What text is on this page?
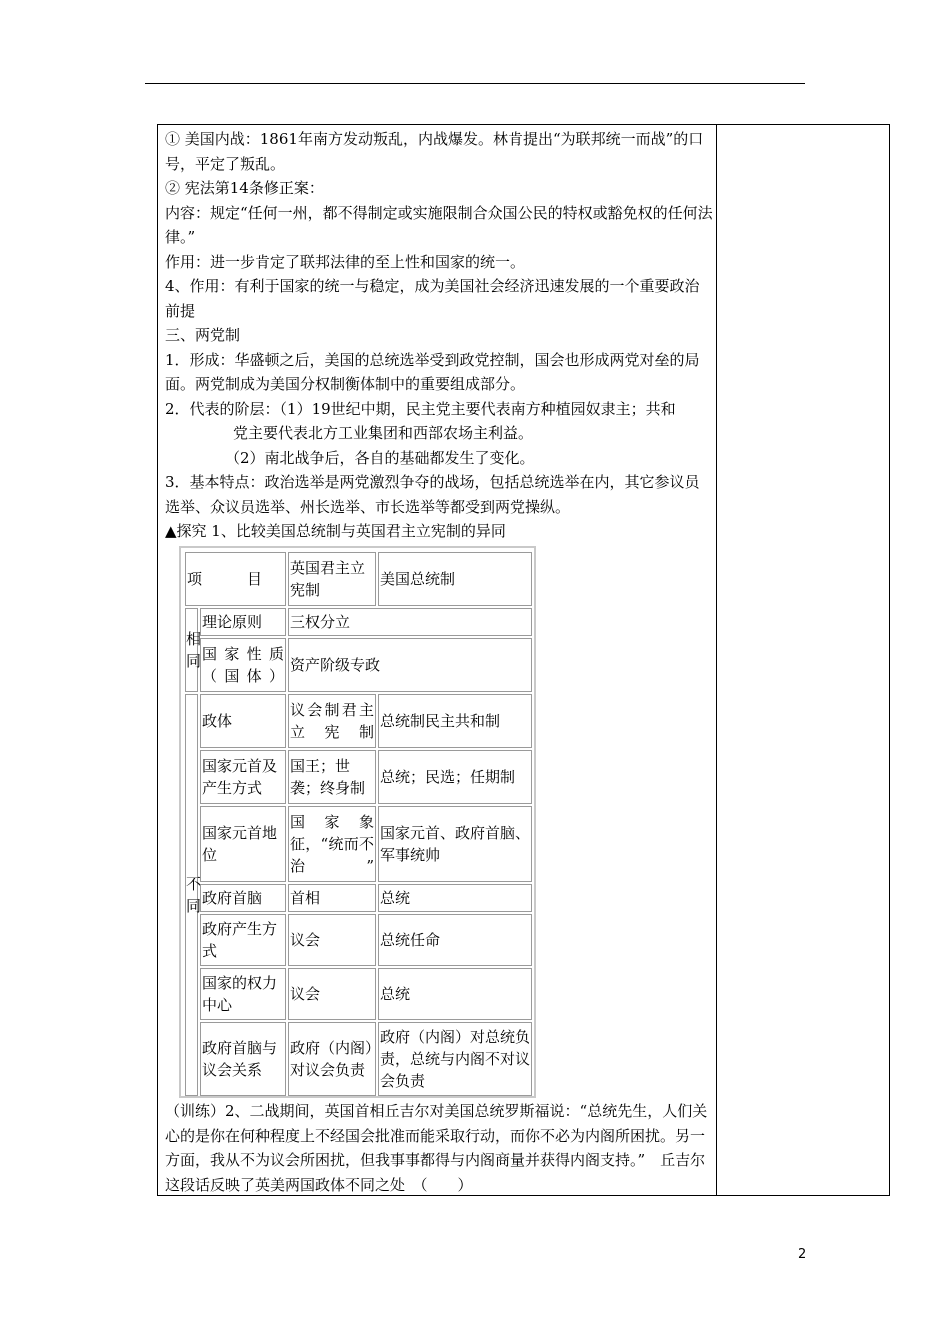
① 美国内战：1861年南方发动叛乱，内战爆发。林肯提出“为联邦统一而战”的口号，平定了叛乱。

② 宪法第14条修正案：

内容：规定“任何一州，都不得制定或实施限制合众国公民的特权或豁免权的任何法律。”

作用：进一步肯定了联邦法律的至上性和国家的统一。

4、作用：有利于国家的统一与稳定，成为美国社会经济迅速发展的一个重要政治前提

三、两党制

1．形成：华盛顿之后，美国的总统选举受到政党控制，国会也形成两党对垒的局面。两党制成为美国分权制衡体制中的重要组成部分。

2．代表的阶层：（1）19世纪中期，民主党主要代表南方种植园奴隶主；共和

党主要代表北方工业集团和西部农场主利益。

（2）南北战争后，各自的基础都发生了变化。

3．基本特点：政治选举是两党激烈争夺的战场，包括总统选举在内，其它参议员选举、众议员选举、州长选举、市长选举等都受到两党操纵。

▲探究 1、比较美国总统制与英国君主立宪制的异同

项　　　目		英国君主立宪制	美国总统制
相同	理论原则	三权分立	
	国家性质（国体）	资产阶级专政	
不同	政体	议会制君主立宪制	总统制民主共和制
	国家元首及产生方式	国王；世袭；终身制	总统；民选；任期制
	国家元首地位	国家象征，“统而不治”	国家元首、政府首脑、军事统帅
	政府首脑	首相	总统
	政府产生方式	议会	总统任命
	国家的权力中心	议会	总统
	政府首脑与议会关系	政府（内阁）对议会负责	政府（内阁）对总统负责，总统与内阁不对议会负责

（训练）2、二战期间，英国首相丘吉尔对美国总统罗斯福说：“总统先生，人们关心的是你在何种程度上不经国会批准而能采取行动，而你不必为内阁所困扰。另一方面，我从不为议会所困扰，但我事事都得与内阁商量并获得内阁支持。”　丘吉尔这段话反映了英美两国政体不同之处　（　　）

2
